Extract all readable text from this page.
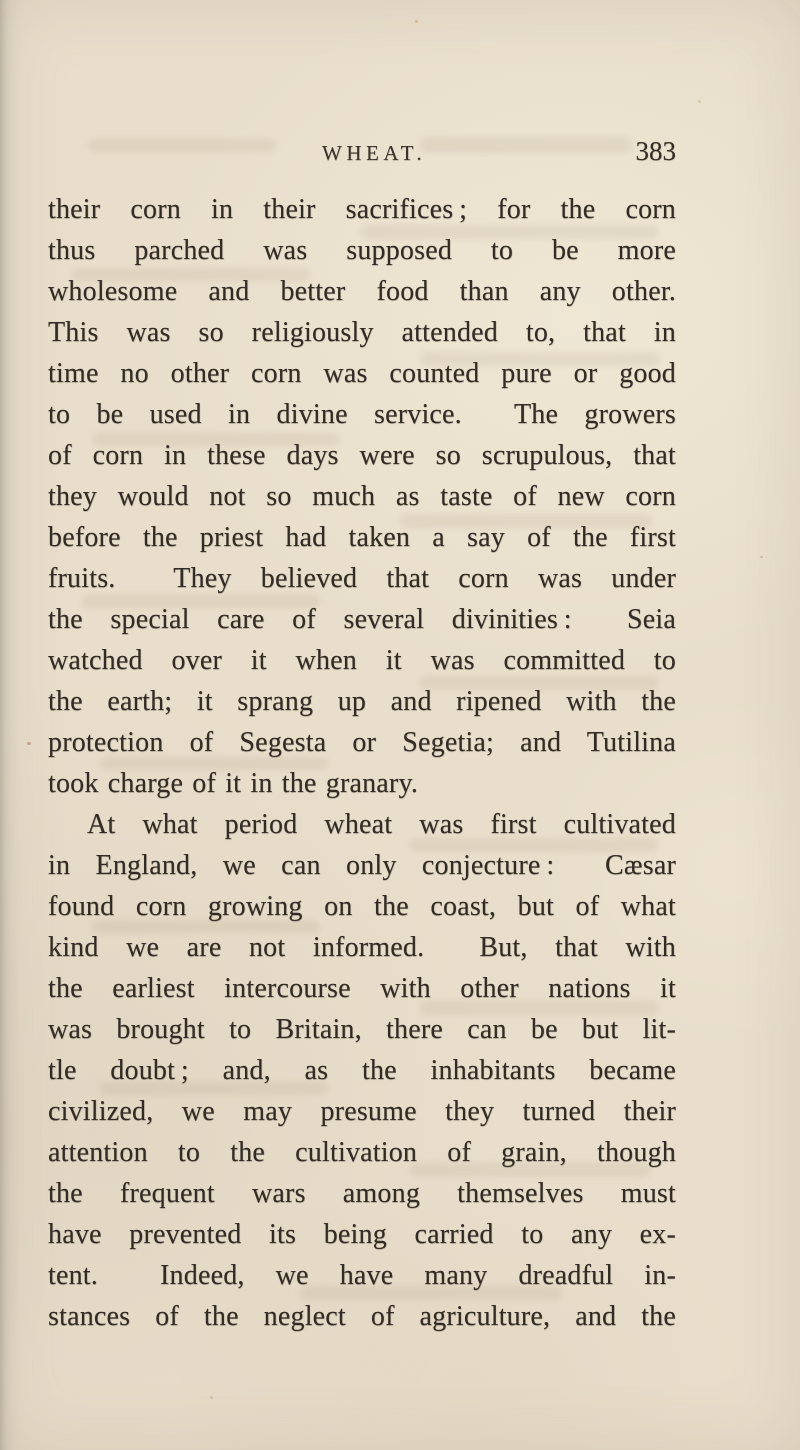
WHEAT.	383
their corn in their sacrifices ; for the corn
thus parched was supposed to be more
wholesome and better food than any other.
This was so religiously attended to, that in
time no other corn was counted pure or good
to be used in divine service.  The growers
of corn in these days were so scrupulous, that
they would not so much as taste of new corn
before the priest had taken a say of the first
fruits.  They believed that corn was under
the special care of several divinities :  Seia
watched over it when it was committed to
the earth; it sprang up and ripened with the
protection of Segesta or Segetia; and Tutilina
took charge of it in the granary.
At what period wheat was first cultivated
in England, we can only conjecture :  Cæsar
found corn growing on the coast, but of what
kind we are not informed.  But, that with
the earliest intercourse with other nations it
was brought to Britain, there can be but lit-
tle doubt ; and, as the inhabitants became
civilized, we may presume they turned their
attention to the cultivation of grain, though
the frequent wars among themselves must
have prevented its being carried to any ex-
tent.  Indeed, we have many dreadful in-
stances of the neglect of agriculture, and the
